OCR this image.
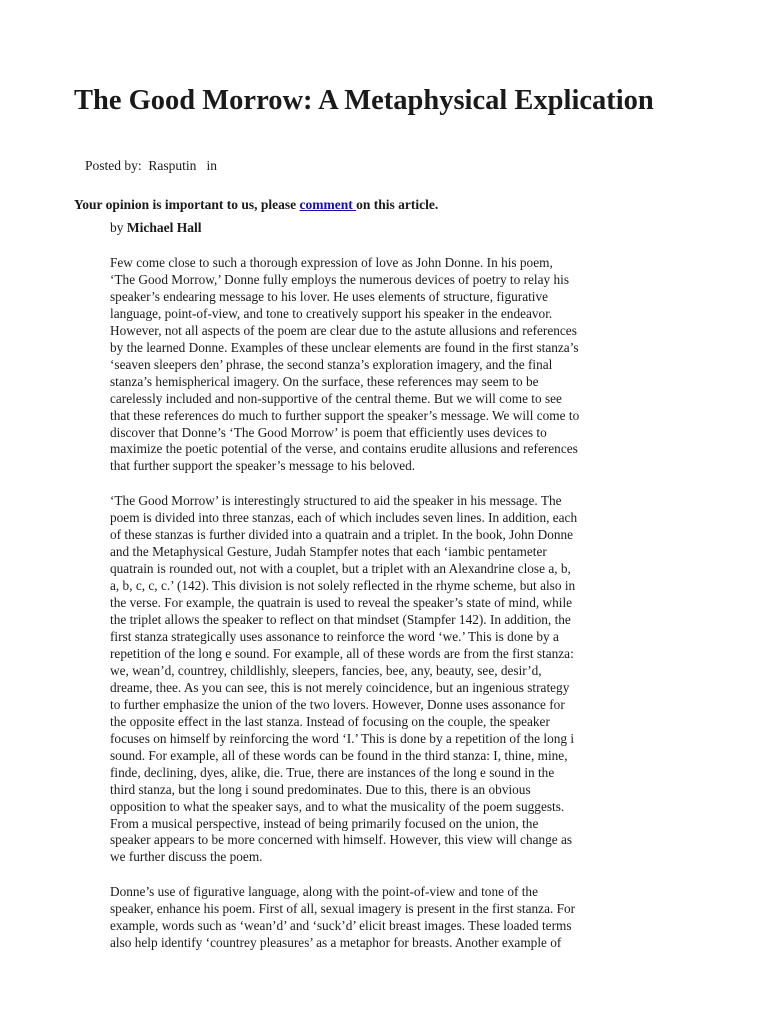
The Good Morrow: A Metaphysical Explication
Posted by:  Rasputin   in
Your opinion is important to us, please comment on this article.
by Michael Hall

Few come close to such a thorough expression of love as John Donne. In his poem,
‘The Good Morrow,’ Donne fully employs the numerous devices of poetry to relay his
speaker’s endearing message to his lover. He uses elements of structure, figurative
language, point-of-view, and tone to creatively support his speaker in the endeavor.
However, not all aspects of the poem are clear due to the astute allusions and references
by the learned Donne. Examples of these unclear elements are found in the first stanza’s
‘seaven sleepers den’ phrase, the second stanza’s exploration imagery, and the final
stanza’s hemispherical imagery. On the surface, these references may seem to be
carelessly included and non-supportive of the central theme. But we will come to see
that these references do much to further support the speaker’s message. We will come to
discover that Donne’s ‘The Good Morrow’ is poem that efficiently uses devices to
maximize the poetic potential of the verse, and contains erudite allusions and references
that further support the speaker’s message to his beloved.

‘The Good Morrow’ is interestingly structured to aid the speaker in his message. The
poem is divided into three stanzas, each of which includes seven lines. In addition, each
of these stanzas is further divided into a quatrain and a triplet. In the book, John Donne
and the Metaphysical Gesture, Judah Stampfer notes that each ‘iambic pentameter
quatrain is rounded out, not with a couplet, but a triplet with an Alexandrine close a, b,
a, b, c, c, c.’ (142). This division is not solely reflected in the rhyme scheme, but also in
the verse. For example, the quatrain is used to reveal the speaker’s state of mind, while
the triplet allows the speaker to reflect on that mindset (Stampfer 142). In addition, the
first stanza strategically uses assonance to reinforce the word ‘we.’ This is done by a
repetition of the long e sound. For example, all of these words are from the first stanza:
we, wean’d, countrey, childlishly, sleepers, fancies, bee, any, beauty, see, desir’d,
dreame, thee. As you can see, this is not merely coincidence, but an ingenious strategy
to further emphasize the union of the two lovers. However, Donne uses assonance for
the opposite effect in the last stanza. Instead of focusing on the couple, the speaker
focuses on himself by reinforcing the word ‘I.’ This is done by a repetition of the long i
sound. For example, all of these words can be found in the third stanza: I, thine, mine,
finde, declining, dyes, alike, die. True, there are instances of the long e sound in the
third stanza, but the long i sound predominates. Due to this, there is an obvious
opposition to what the speaker says, and to what the musicality of the poem suggests.
From a musical perspective, instead of being primarily focused on the union, the
speaker appears to be more concerned with himself. However, this view will change as
we further discuss the poem.

Donne’s use of figurative language, along with the point-of-view and tone of the
speaker, enhance his poem. First of all, sexual imagery is present in the first stanza. For
example, words such as ‘wean’d’ and ‘suck’d’ elicit breast images. These loaded terms
also help identify ‘countrey pleasures’ as a metaphor for breasts. Another example of
